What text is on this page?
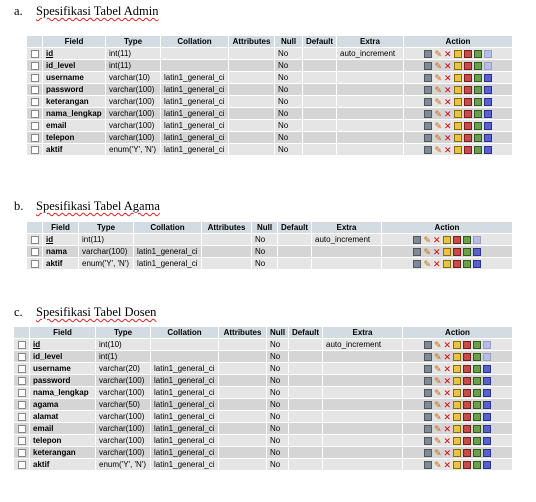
a. Spesifikasi Tabel Admin
	Field	Type	Collation	Attributes	Null	Default	Extra	Action
	id	int(11)			No		auto_increment	✎ ✕
	id_level	int(11)			No			✎ ✕
	username	varchar(10)	latin1_general_ci		No			✎ ✕
	password	varchar(100)	latin1_general_ci		No			✎ ✕
	keterangan	varchar(100)	latin1_general_ci		No			✎ ✕
	nama_lengkap	varchar(100)	latin1_general_ci		No			✎ ✕
	email	varchar(100)	latin1_general_ci		No			✎ ✕
	telepon	varchar(100)	latin1_general_ci		No			✎ ✕
	aktif	enum('Y', 'N')	latin1_general_ci		No			✎ ✕
b. Spesifikasi Tabel Agama
	Field	Type	Collation	Attributes	Null	Default	Extra	Action
	id	int(11)			No		auto_increment	✎ ✕
	nama	varchar(100)	latin1_general_ci		No			✎ ✕
	aktif	enum('Y', 'N')	latin1_general_ci		No			✎ ✕
c. Spesifikasi Tabel Dosen
	Field	Type	Collation	Attributes	Null	Default	Extra	Action
	id	int(10)			No		auto_increment	✎ ✕
	id_level	int(1)			No			✎ ✕
	username	varchar(20)	latin1_general_ci		No			✎ ✕
	password	varchar(100)	latin1_general_ci		No			✎ ✕
	nama_lengkap	varchar(100)	latin1_general_ci		No			✎ ✕
	agama	varchar(50)	latin1_general_ci		No			✎ ✕
	alamat	varchar(100)	latin1_general_ci		No			✎ ✕
	email	varchar(100)	latin1_general_ci		No			✎ ✕
	telepon	varchar(100)	latin1_general_ci		No			✎ ✕
	keterangan	varchar(100)	latin1_general_ci		No			✎ ✕
	aktif	enum('Y', 'N')	latin1_general_ci		No			✎ ✕
